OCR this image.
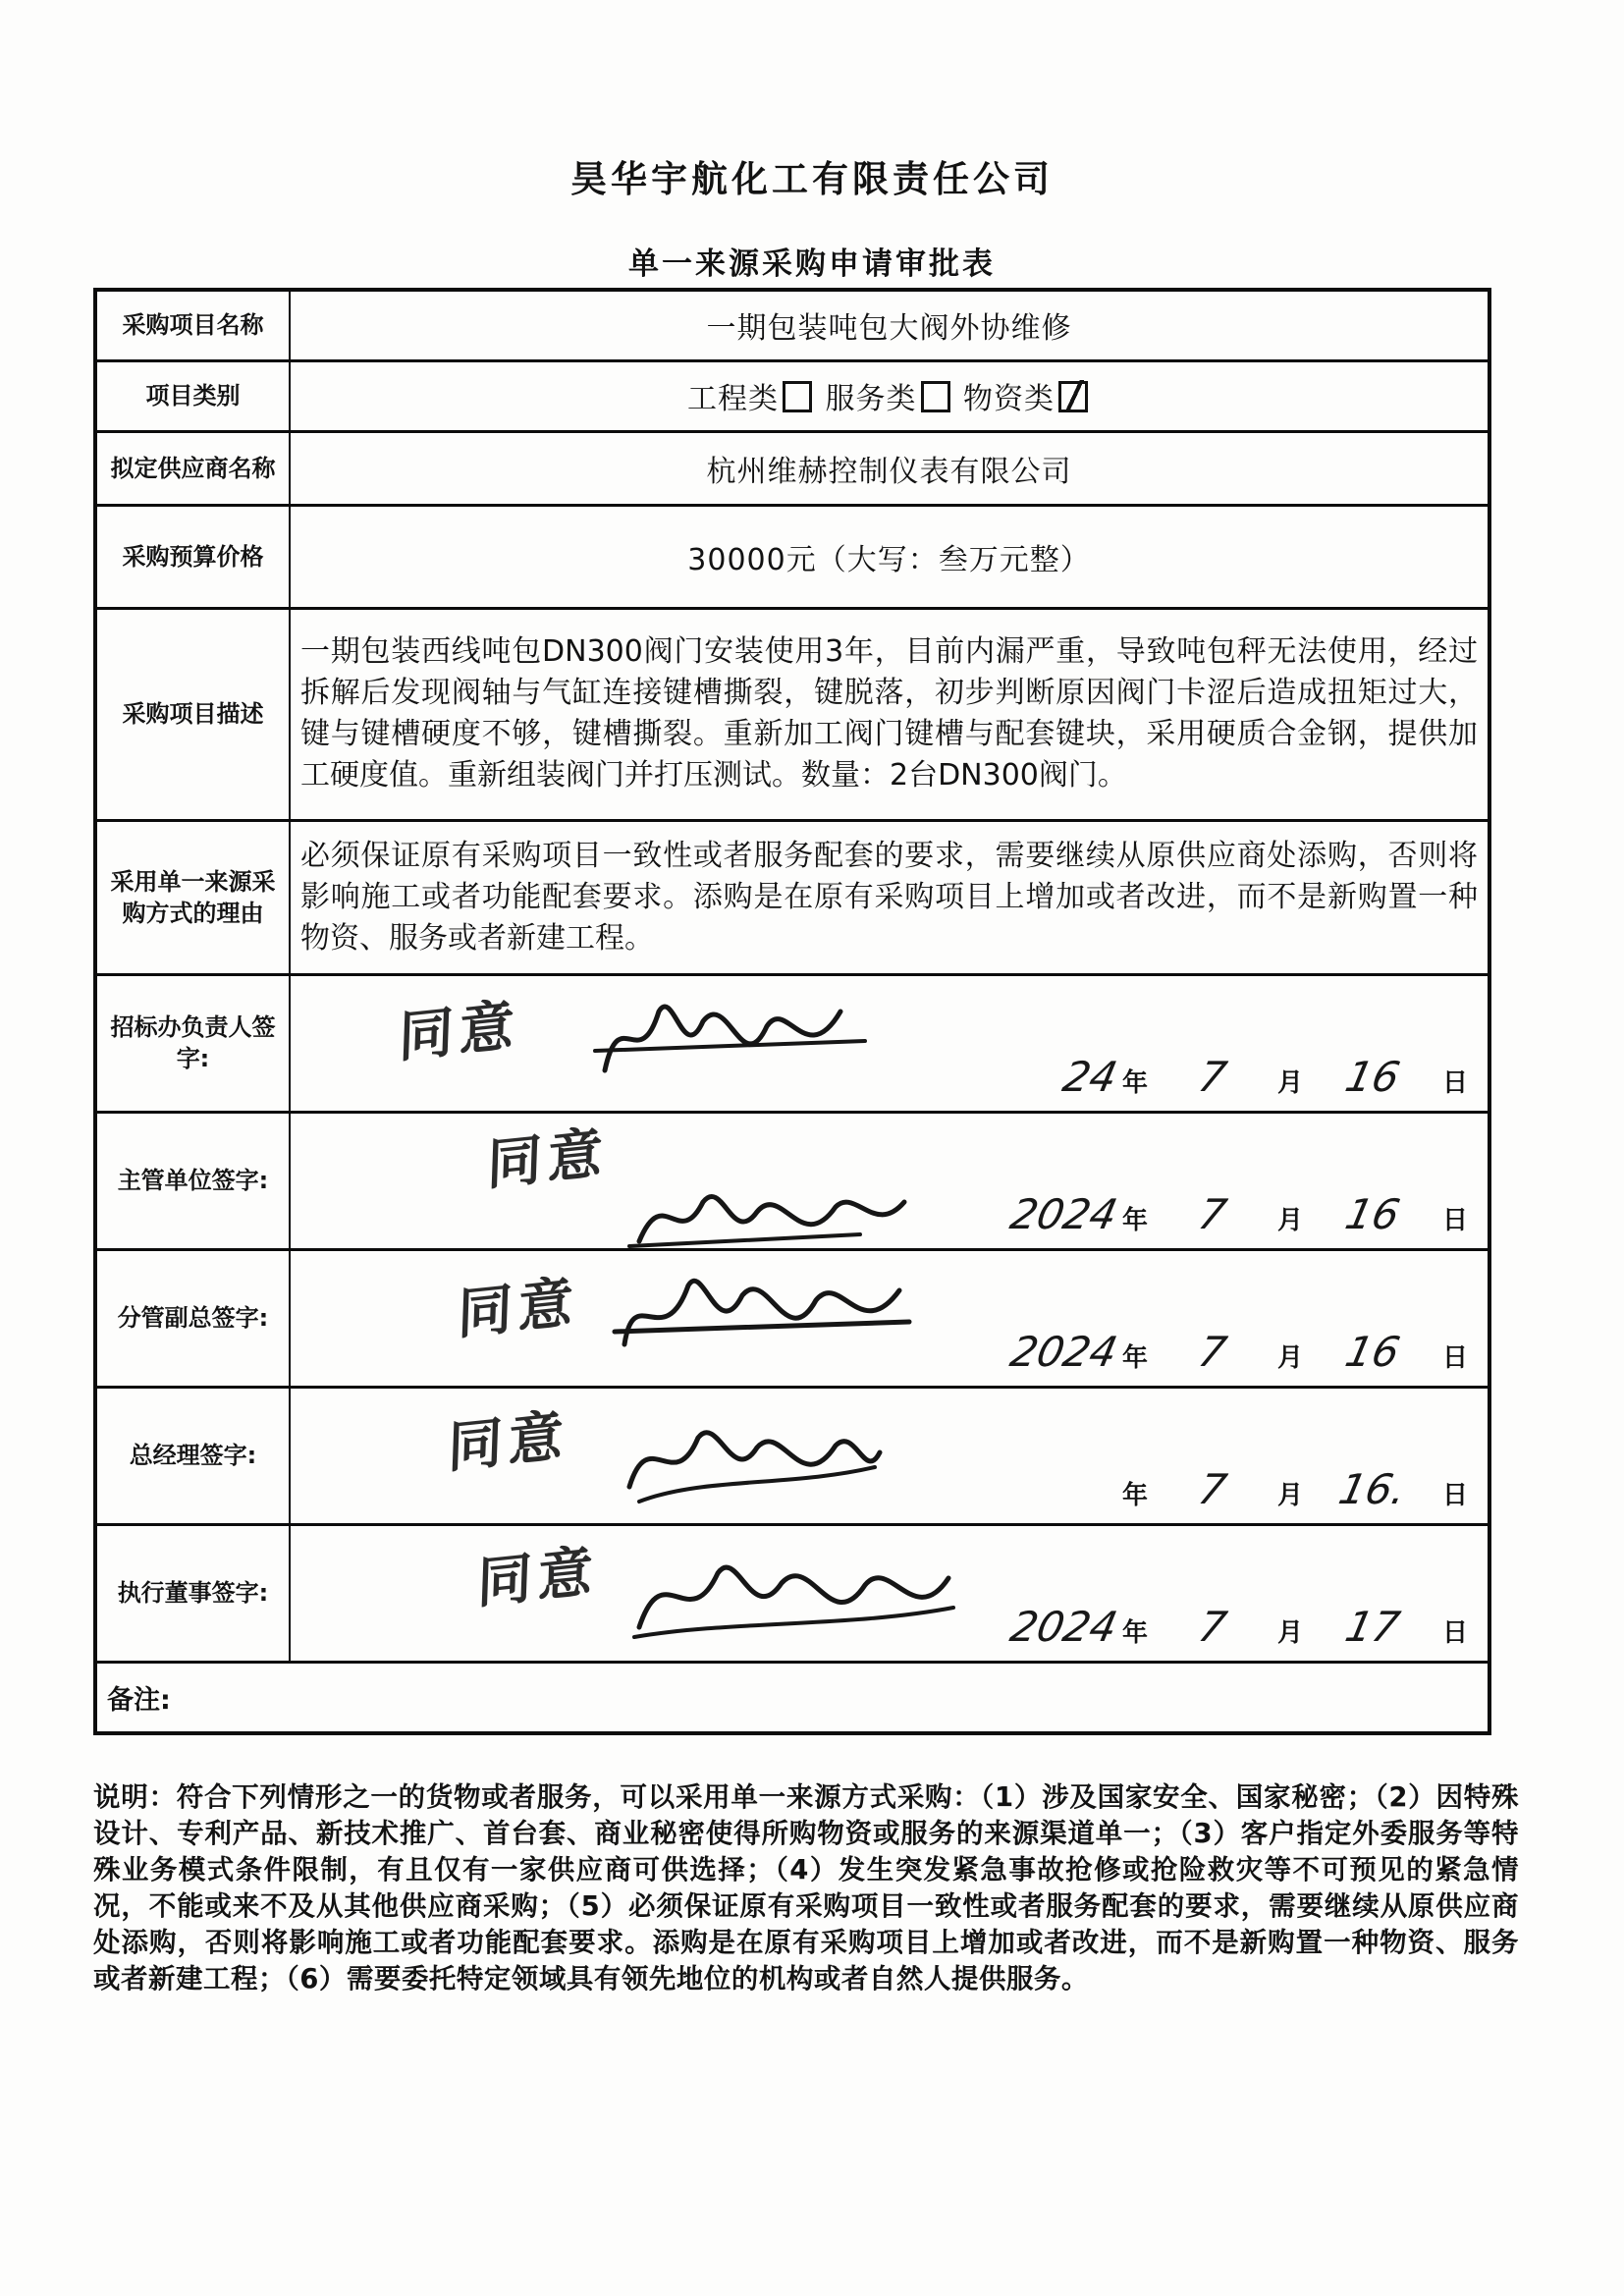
昊华宇航化工有限责任公司
单一来源采购申请审批表
采购项目名称	一期包装吨包大阀外协维修
项目类别	工程类 服务类 物资类
拟定供应商名称	杭州维赫控制仪表有限公司
采购预算价格	30000元（大写：叁万元整）
采购项目描述	一期包装西线吨包DN300阀门安装使用3年，目前内漏严重，导致吨包秤无法使用，经过拆解后发现阀轴与气缸连接键槽撕裂，键脱落，初步判断原因阀门卡涩后造成扭矩过大，键与键槽硬度不够，键槽撕裂。重新加工阀门键槽与配套键块，采用硬质合金钢，提供加工硬度值。重新组装阀门并打压测试。数量：2台DN300阀门。
采用单一来源采购方式的理由	必须保证原有采购项目一致性或者服务配套的要求，需要继续从原供应商处添购，否则将影响施工或者功能配套要求。添购是在原有采购项目上增加或者改进，而不是新购置一种物资、服务或者新建工程。
招标办负责人签字:	同意
24 年	7	月 16	日

主管单位签字:	同意
2024 年	7	月 16	日

分管副总签字:	同意
2024 年	7	月 16	日

总经理签字:	同意
年	7	月 16.	日

执行董事签字:	同意
2024 年	7	月 17	日

备注:	
说明：符合下列情形之一的货物或者服务，可以采用单一来源方式采购：（1）涉及国家安全、国家秘密；（2）因特殊设计、专利产品、新技术推广、首台套、商业秘密使得所购物资或服务的来源渠道单一；（3）客户指定外委服务等特殊业务模式条件限制，有且仅有一家供应商可供选择；（4）发生突发紧急事故抢修或抢险救灾等不可预见的紧急情况，不能或来不及从其他供应商采购；（5）必须保证原有采购项目一致性或者服务配套的要求，需要继续从原供应商处添购，否则将影响施工或者功能配套要求。添购是在原有采购项目上增加或者改进，而不是新购置一种物资、服务或者新建工程；（6）需要委托特定领域具有领先地位的机构或者自然人提供服务。
